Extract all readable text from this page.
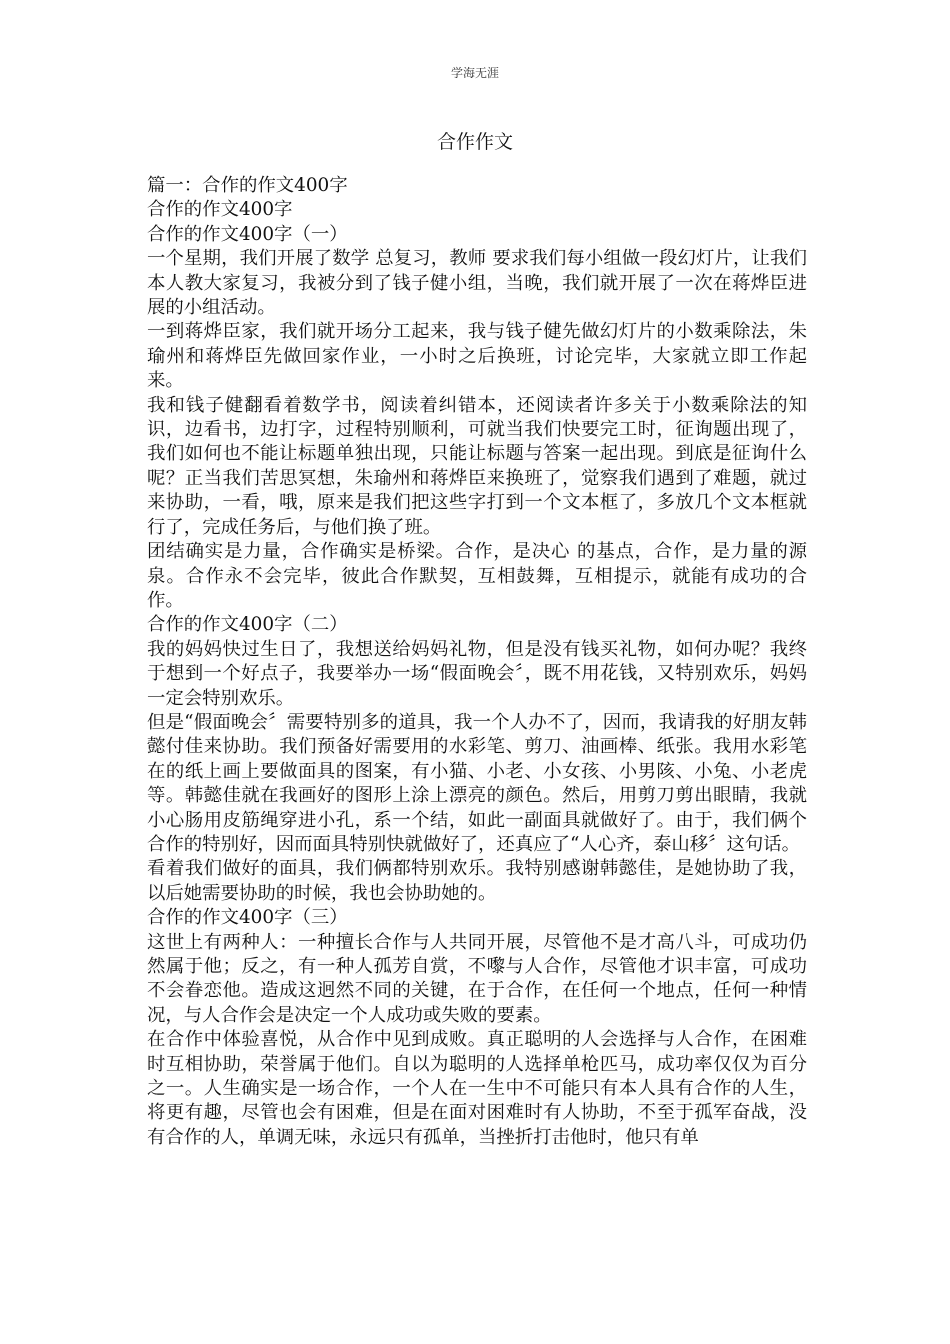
学海无涯
合作作文

篇一：合作的作文400字

合作的作文400字

合作的作文400字（一）

一个星期，我们开展了数学 总复习，教师 要求我们每小组做一段幻灯片，让我们本人教大家复习，我被分到了钱子健小组，当晚，我们就开展了一次在蒋烨臣进展的小组活动。

一到蒋烨臣家，我们就开场分工起来，我与钱子健先做幻灯片的小数乘除法，朱瑜州和蒋烨臣先做回家作业，一小时之后换班，讨论完毕，大家就立即工作起来。

我和钱子健翻看着数学书，阅读着纠错本，还阅读者许多关于小数乘除法的知识，边看书，边打字，过程特别顺利，可就当我们快要完工时，征询题出现了，我们如何也不能让标题单独出现，只能让标题与答案一起出现。到底是征询什么呢？正当我们苦思冥想，朱瑜州和蒋烨臣来换班了，觉察我们遇到了难题，就过来协助，一看，哦，原来是我们把这些字打到一个文本框了，多放几个文本框就行了，完成任务后，与他们换了班。

团结确实是力量，合作确实是桥梁。合作，是决心 的基点，合作，是力量的源泉。合作永不会完毕，彼此合作默契，互相鼓舞，互相提示，就能有成功的合作。

合作的作文400字（二）

我的妈妈快过生日了，我想送给妈妈礼物，但是没有钱买礼物，如何办呢？我终于想到一个好点子，我要举办一场“假面晚会〞，既不用花钱，又特别欢乐，妈妈一定会特别欢乐。

但是“假面晚会〞需要特别多的道具，我一个人办不了，因而，我请我的好朋友韩懿付佳来协助。我们预备好需要用的水彩笔、剪刀、油画棒、纸张。我用水彩笔在的纸上画上要做面具的图案，有小猫、小老、小女孩、小男陔、小兔、小老虎等。韩懿佳就在我画好的图形上涂上漂亮的颜色。然后，用剪刀剪出眼睛，我就小心肠用皮筋绳穿进小孔，系一个结，如此一副面具就做好了。由于，我们俩个合作的特别好，因而面具特别快就做好了，还真应了“人心齐，泰山移〞这句话。

看着我们做好的面具，我们俩都特别欢乐。我特别感谢韩懿佳，是她协助了我，以后她需要协助的时候，我也会协助她的。

合作的作文400字（三）

这世上有两种人：一种擅长合作与人共同开展，尽管他不是才高八斗，可成功仍然属于他；反之，有一种人孤芳自赏，不嚟与人合作，尽管他才识丰富，可成功不会眷恋他。造成这迥然不同的关键，在于合作，在任何一个地点，任何一种情况，与人合作会是决定一个人成功或失败的要素。

在合作中体验喜悦，从合作中见到成败。真正聪明的人会选择与人合作，在困难时互相协助，荣誉属于他们。自以为聪明的人选择单枪匹马，成功率仅仅为百分之一。人生确实是一场合作，一个人在一生中不可能只有本人具有合作的人生，将更有趣，尽管也会有困难，但是在面对困难时有人协助，不至于孤军奋战，没有合作的人，单调无味，永远只有孤单，当挫折打击他时，他只有单
